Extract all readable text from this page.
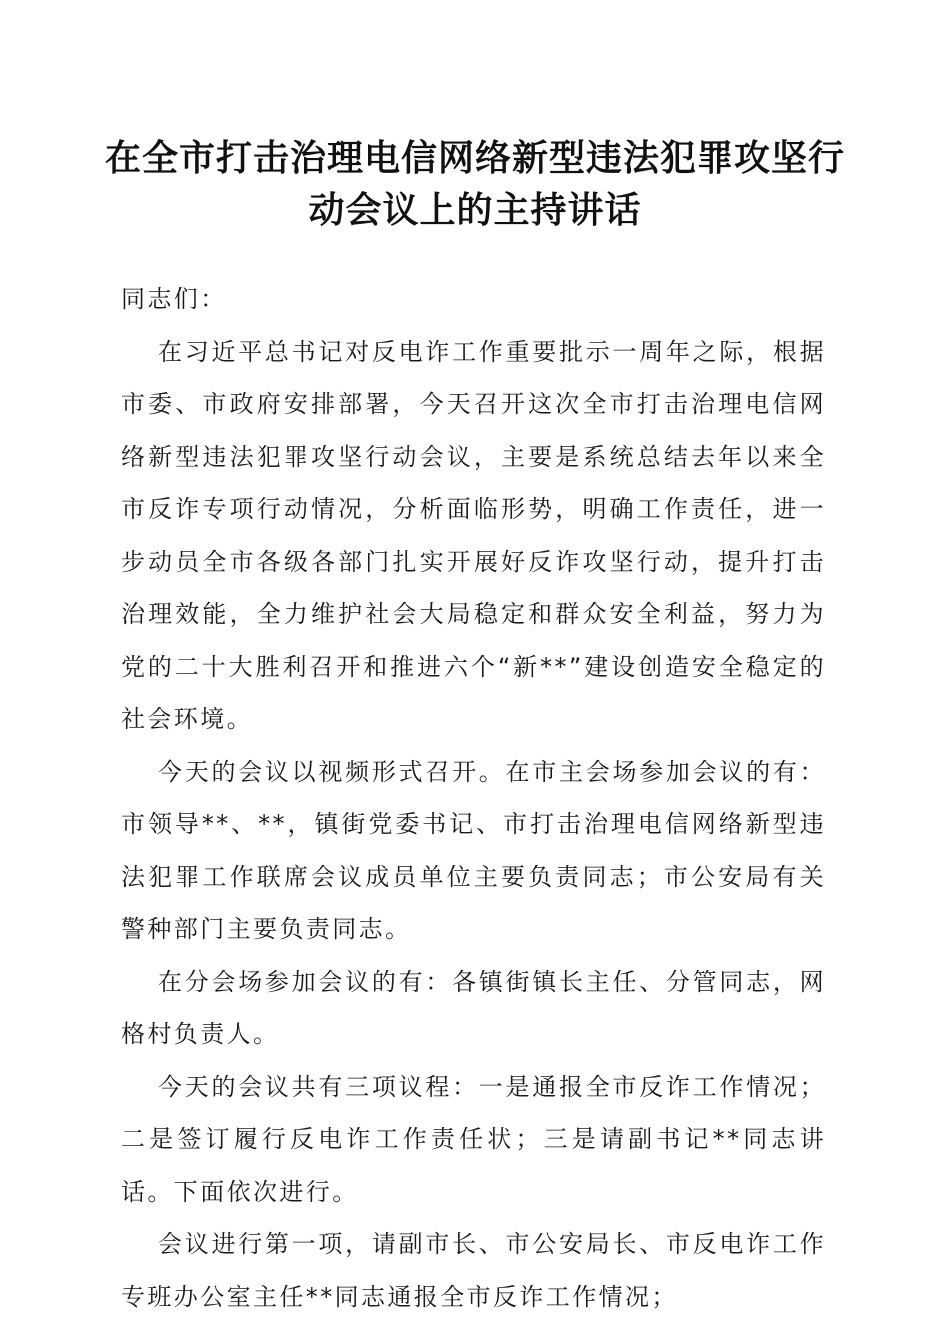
在全市打击治理电信网络新型违法犯罪攻坚行
动会议上的主持讲话

同志们：

在习近平总书记对反电诈工作重要批示一周年之际，根据市委、市政府安排部署，今天召开这次全市打击治理电信网络新型违法犯罪攻坚行动会议，主要是系统总结去年以来全市反诈专项行动情况，分析面临形势，明确工作责任，进一步动员全市各级各部门扎实开展好反诈攻坚行动，提升打击治理效能，全力维护社会大局稳定和群众安全利益，努力为党的二十大胜利召开和推进六个“新**”建设创造安全稳定的社会环境。

今天的会议以视频形式召开。在市主会场参加会议的有：市领导**、**，镇街党委书记、市打击治理电信网络新型违法犯罪工作联席会议成员单位主要负责同志；市公安局有关警种部门主要负责同志。

在分会场参加会议的有：各镇街镇长主任、分管同志，网格村负责人。

今天的会议共有三项议程：一是通报全市反诈工作情况；二是签订履行反电诈工作责任状；三是请副书记**同志讲话。下面依次进行。

会议进行第一项，请副市长、市公安局长、市反电诈工作专班办公室主任**同志通报全市反诈工作情况；
